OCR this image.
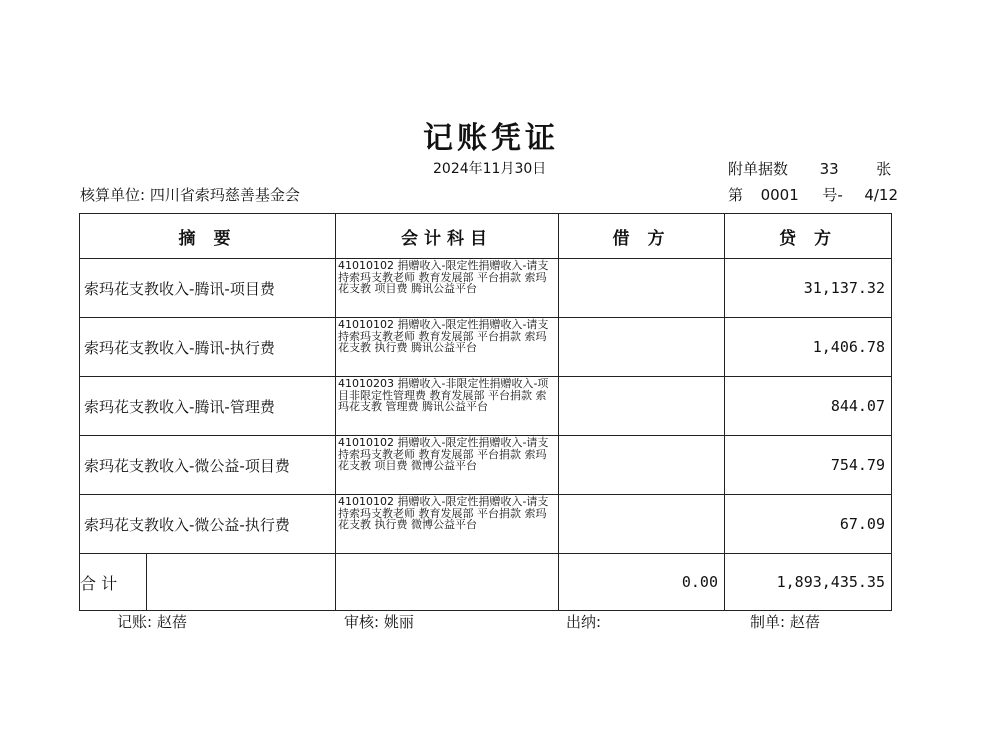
记账凭证
2024年11月30日	附单据数 33	张
核算单位: 四川省索玛慈善基金会	第 0001 号- 4/12
摘 要	会计科目	借 方	贷 方
索玛花支教收入-腾讯-项目费	41010102 捐赠收入-限定性捐赠收入-请支持索玛支教老师 教育发展部 平台捐款 索玛花支教 项目费 腾讯公益平台		31,137.32
索玛花支教收入-腾讯-执行费	41010102 捐赠收入-限定性捐赠收入-请支持索玛支教老师 教育发展部 平台捐款 索玛花支教 执行费 腾讯公益平台		1,406.78
索玛花支教收入-腾讯-管理费	41010203 捐赠收入-非限定性捐赠收入-项目非限定性管理费 教育发展部 平台捐款 索玛花支教 管理费 腾讯公益平台		844.07
索玛花支教收入-微公益-项目费	41010102 捐赠收入-限定性捐赠收入-请支持索玛支教老师 教育发展部 平台捐款 索玛花支教 项目费 微博公益平台		754.79
索玛花支教收入-微公益-执行费	41010102 捐赠收入-限定性捐赠收入-请支持索玛支教老师 教育发展部 平台捐款 索玛花支教 执行费 微博公益平台		67.09

合 计		0.00	1,893,435.35
记账: 赵蓓	审核: 姚丽	出纳:	制单: 赵蓓
